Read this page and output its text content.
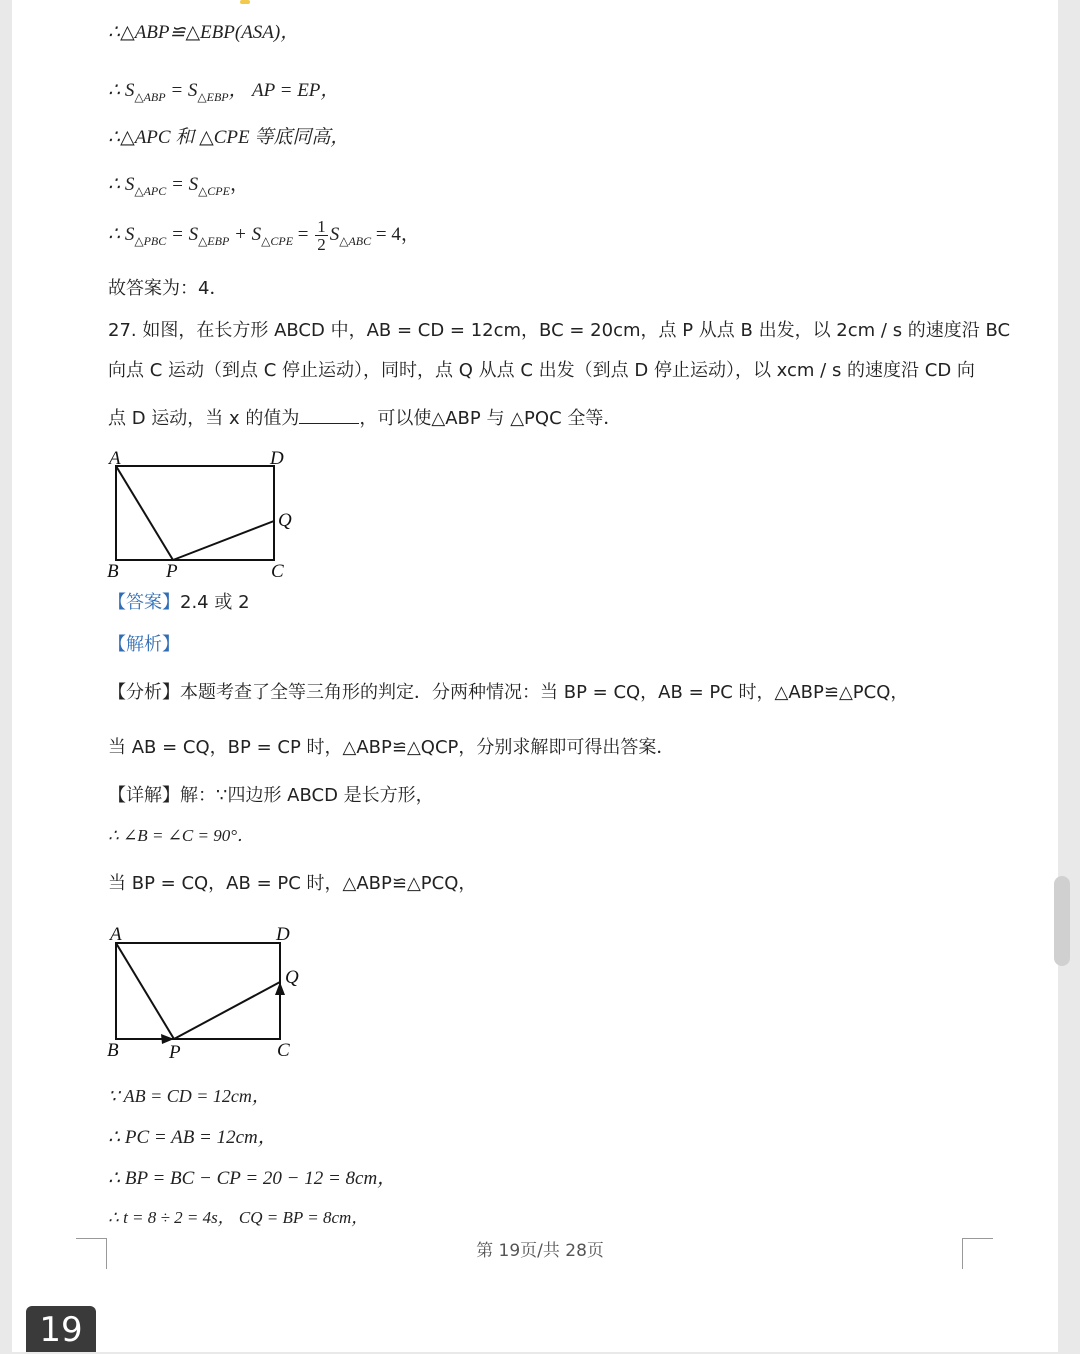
∴△ABP≌△EBP(ASA)，
∴ $S_{\triangle ABP} = S_{\triangle EBP}$， AP = EP，
∴△APC 和 △CPE 等底同高，
∴ $S_{\triangle APC} = S_{\triangle CPE}$，
∴ $S_{\triangle PBC} = S_{\triangle EBP} + S_{\triangle CPE} = \frac{1}{2} S_{\triangle ABC} = 4$，
故答案为：4．
27. 如图，在长方形 ABCD 中，AB = CD = 12cm，BC = 20cm，点 P 从点 B 出发，以 2cm / s 的速度沿 BC
向点 C 运动（到点 C 停止运动），同时，点 Q 从点 C 出发（到点 D 停止运动），以 xcm / s 的速度沿 CD 向
点 D 运动，当 x 的值为	，可以使△ABP 与 △PQC 全等．
A	D
Q
B P	C
【答案】2.4 或 2
【解析】
【分析】本题考查了全等三角形的判定．分两种情况：当 BP = CQ，AB = PC 时，△ABP≌△PCQ，
当 AB = CQ，BP = CP 时，△ABP≌△QCP，分别求解即可得出答案．
【详解】解：∵四边形 ABCD 是长方形，
∴ ∠B = ∠C = 90°．
当 BP = CQ，AB = PC 时，△ABP≌△PCQ，
A	D
Q
B	P	C
∵ AB = CD = 12cm，
∴ PC = AB = 12cm，
∴ BP = BC − CP = 20 − 12 = 8cm，
∴ t = 8 ÷ 2 = 4s， CQ = BP = 8cm，
第 19页/共 28页
19
